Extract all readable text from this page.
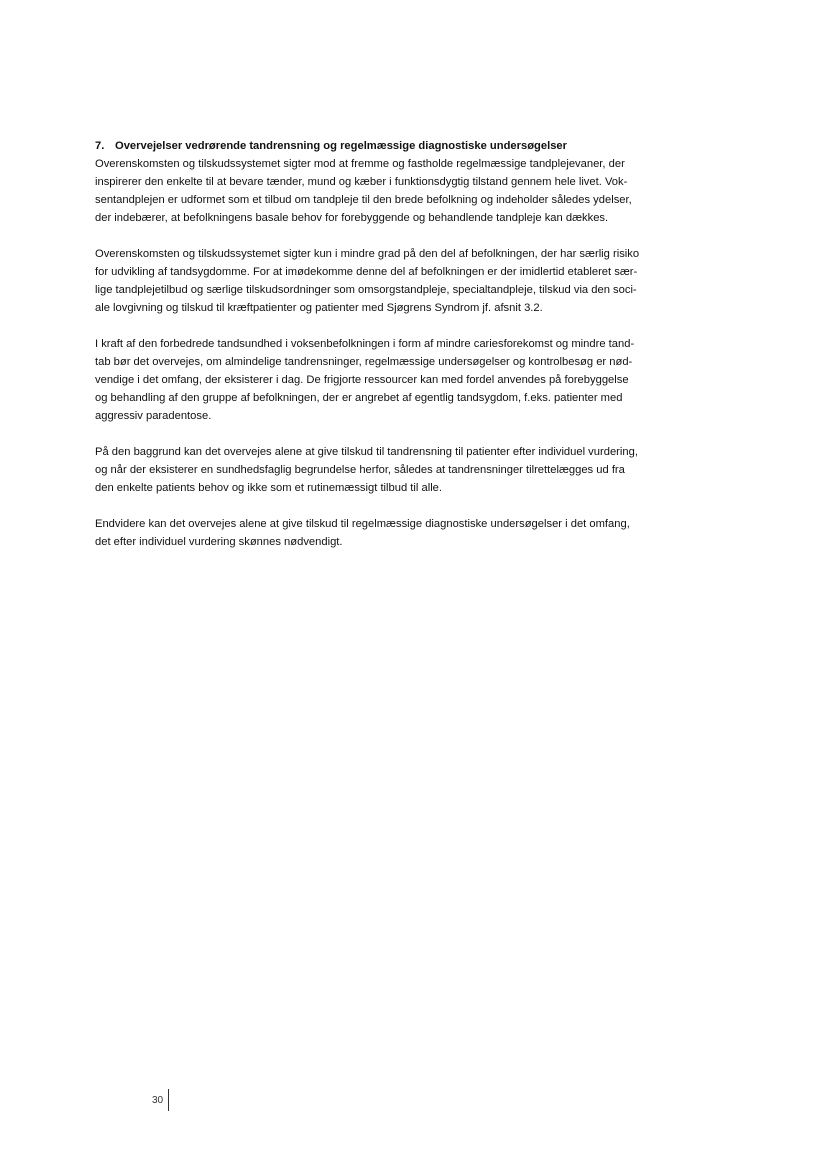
7. Overvejelser vedrørende tandrensning og regelmæssige diagnostiske undersøgelser

Overenskomsten og tilskudssystemet sigter mod at fremme og fastholde regelmæssige tandplejevaner, der
inspirerer den enkelte til at bevare tænder, mund og kæber i funktionsdygtig tilstand gennem hele livet. Vok-
sentandplejen er udformet som et tilbud om tandpleje til den brede befolkning og indeholder således ydelser,
der indebærer, at befolkningens basale behov for forebyggende og behandlende tandpleje kan dækkes.

Overenskomsten og tilskudssystemet sigter kun i mindre grad på den del af befolkningen, der har særlig risiko
for udvikling af tandsygdomme. For at imødekomme denne del af befolkningen er der imidlertid etableret sær-
lige tandplejetilbud og særlige tilskudsordninger som omsorgstandpleje, specialtandpleje, tilskud via den soci-
ale lovgivning og tilskud til kræftpatienter og patienter med Sjøgrens Syndrom jf. afsnit 3.2.

I kraft af den forbedrede tandsundhed i voksenbefolkningen i form af mindre cariesforekomst og mindre tand-
tab bør det overvejes, om almindelige tandrensninger, regelmæssige undersøgelser og kontrolbesøg er nød-
vendige i det omfang, der eksisterer i dag. De frigjorte ressourcer kan med fordel anvendes på forebyggelse
og behandling af den gruppe af befolkningen, der er angrebet af egentlig tandsygdom, f.eks. patienter med
aggressiv paradentose.

På den baggrund kan det overvejes alene at give tilskud til tandrensning til patienter efter individuel vurdering,
og når der eksisterer en sundhedsfaglig begrundelse herfor, således at tandrensninger tilrettelægges ud fra
den enkelte patients behov og ikke som et rutinemæssigt tilbud til alle.

Endvidere kan det overvejes alene at give tilskud til regelmæssige diagnostiske undersøgelser i det omfang,
det efter individuel vurdering skønnes nødvendigt.

30
